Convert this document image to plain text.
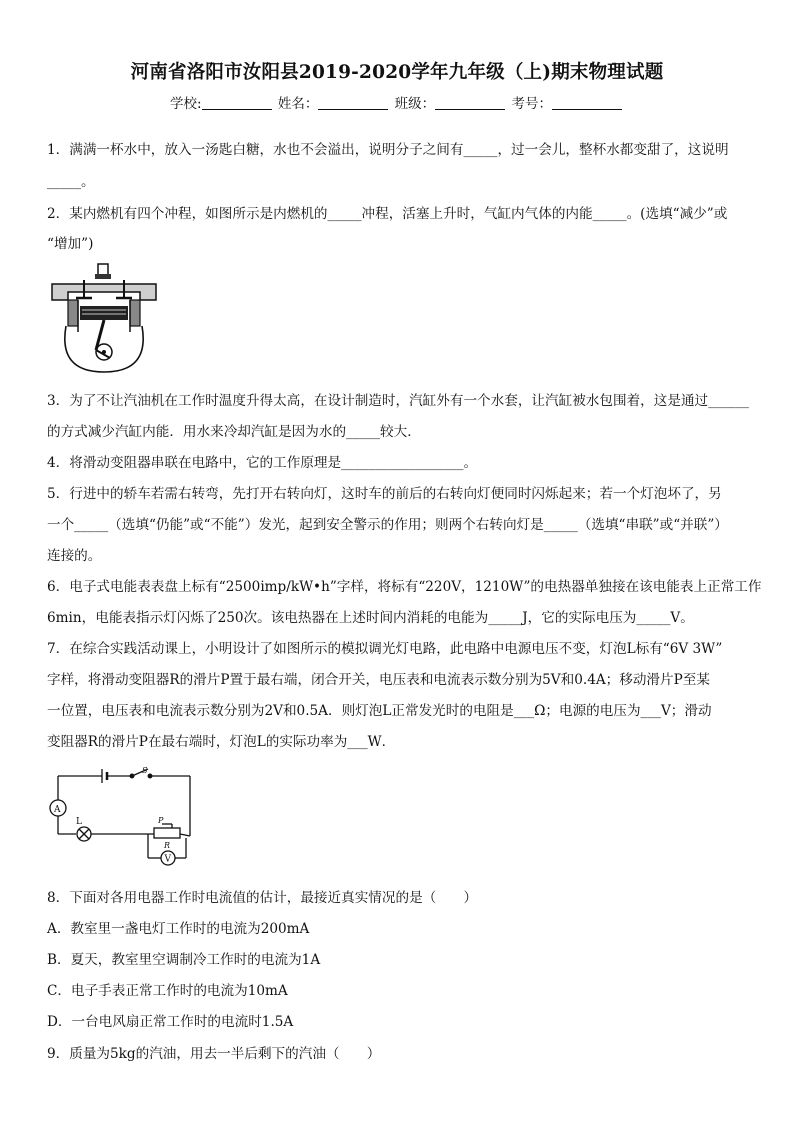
河南省洛阳市汝阳县2019-2020学年九年级（上)期末物理试题
学校:	姓名：	班级：	考号：
1．满满一杯水中，放入一汤匙白糖，水也不会溢出，说明分子之间有_____，过一会儿，整杯水都变甜了，这说明
_____。
2．某内燃机有四个冲程，如图所示是内燃机的_____冲程，活塞上升时，气缸内气体的内能_____。(选填“减少”或
“增加”)
3．为了不让汽油机在工作时温度升得太高，在设计制造时，汽缸外有一个水套，让汽缸被水包围着，这是通过______
的方式减少汽缸内能．用水来冷却汽缸是因为水的_____较大．
4．将滑动变阻器串联在电路中，它的工作原理是__________________。
5．行进中的轿车若需右转弯，先打开右转向灯，这时车的前后的右转向灯便同时闪烁起来；若一个灯泡坏了，另
一个_____（选填“仍能”或“不能”）发光，起到安全警示的作用；则两个右转向灯是_____（选填“串联”或“并联”）
连接的。
6．电子式电能表表盘上标有“2500imp/kW•h”字样，将标有“220V，1210W”的电热器单独接在该电能表上正常工作
6min，电能表指示灯闪烁了250次。该电热器在上述时间内消耗的电能为_____J，它的实际电压为_____V。
7．在综合实践活动课上，小明设计了如图所示的模拟调光灯电路，此电路中电源电压不变，灯泡L标有“6V 3W”
字样，将滑动变阻器R的滑片P置于最右端，闭合开关，电压表和电流表示数分别为5V和0.4A；移动滑片P至某
一位置，电压表和电流表示数分别为2V和0.5A．则灯泡L正常发光时的电阻是___Ω；电源的电压为___V；滑动
变阻器R的滑片P在最右端时，灯泡L的实际功率为___W．
S
A
L	P
R
V
8．下面对各用电器工作时电流值的估计，最接近真实情况的是（　　）
A．教室里一盏电灯工作时的电流为200mA
B．夏天，教室里空调制冷工作时的电流为1A
C．电子手表正常工作时的电流为10mA
D．一台电风扇正常工作时的电流时1.5A
9．质量为5kg的汽油，用去一半后剩下的汽油（　　）
